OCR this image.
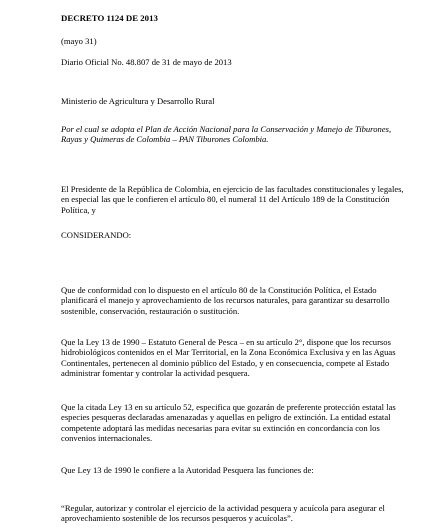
DECRETO 1124 DE 2013

(mayo 31)

Diario Oficial No. 48.807 de 31 de mayo de 2013

Ministerio de Agricultura y Desarrollo Rural

Por el cual se adopta el Plan de Acción Nacional para la Conservación y Manejo de Tiburones, Rayas y Quimeras de Colombia – PAN Tiburones Colombia.

El Presidente de la República de Colombia, en ejercicio de las facultades constitucionales y legales, en especial las que le confieren el artículo 80, el numeral 11 del Artículo 189 de la Constitución Política, y

CONSIDERANDO:

Que de conformidad con lo dispuesto en el artículo 80 de la Constitución Política, el Estado planificará el manejo y aprovechamiento de los recursos naturales, para garantizar su desarrollo sostenible, conservación, restauración o sustitución.

Que la Ley 13 de 1990 – Estatuto General de Pesca – en su artículo 2°, dispone que los recursos hidrobiológicos contenidos en el Mar Territorial, en la Zona Económica Exclusiva y en las Aguas Continentales, pertenecen al dominio público del Estado, y en consecuencia, compete al Estado administrar fomentar y controlar la actividad pesquera.

Que la citada Ley 13 en su artículo 52, especifica que gozarán de preferente protección estatal las especies pesqueras declaradas amenazadas y aquellas en peligro de extinción. La entidad estatal competente adoptará las medidas necesarias para evitar su extinción en concordancia con los convenios internacionales.

Que Ley 13 de 1990 le confiere a la Autoridad Pesquera las funciones de:

“Regular, autorizar y controlar el ejercicio de la actividad pesquera y acuícola para asegurar el aprovechamiento sostenible de los recursos pesqueros y acuícolas”.
